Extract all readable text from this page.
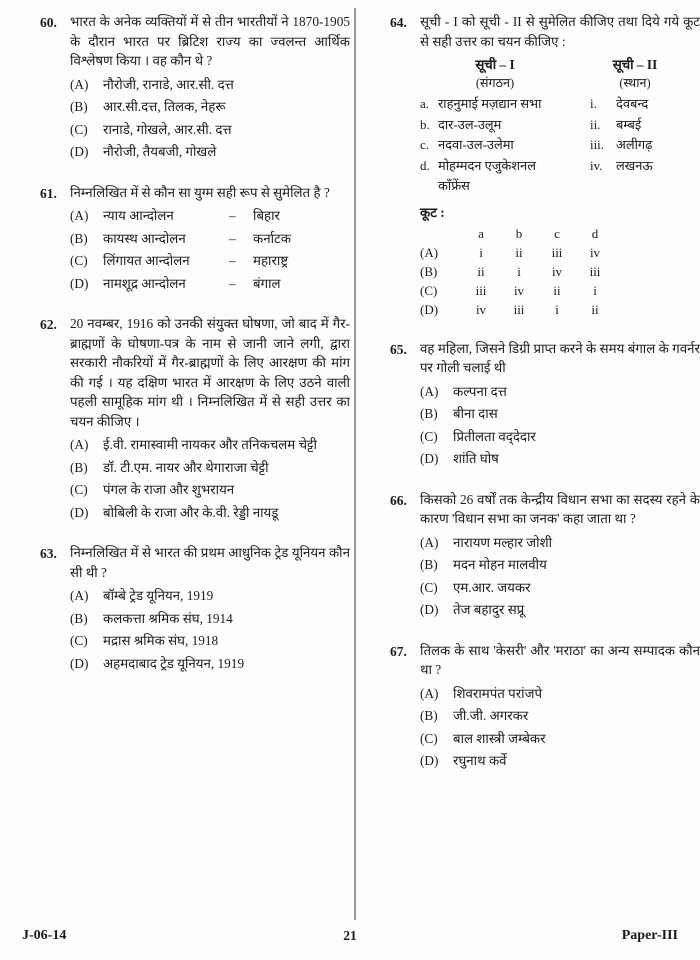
60. भारत के अनेक व्यक्तियों में से तीन भारतीयों ने 1870-1905 के दौरान भारत पर ब्रिटिश राज्य का ज्वलन्त आर्थिक विश्लेषण किया । वह कौन थे ?

(A)	नौरोजी, रानाडे, आर.सी. दत्त
(B)	आर.सी.दत्त, तिलक, नेहरू
(C)	रानाडे, गोखले, आर.सी. दत्त
(D)	नौरोजी, तैयबजी, गोखले
61. निम्नलिखित में से कौन सा युग्म सही रूप से सुमेलित है ?

(A)	न्याय आन्दोलन	–	बिहार
(B)	कायस्थ आन्दोलन	–	कर्नाटक
(C)	लिंगायत आन्दोलन	–	महाराष्ट्र
(D)	नामशूद्र आन्दोलन	–	बंगाल
62. 20 नवम्बर, 1916 को उनकी संयुक्त घोषणा, जो बाद में गैर-ब्राह्मणों के घोषणा-पत्र के नाम से जानी जाने लगी, द्वारा सरकारी नौकरियों में गैर-ब्राह्मणों के लिए आरक्षण की मांग की गई । यह दक्षिण भारत में आरक्षण के लिए उठने वाली पहली सामूहिक मांग थी । निम्नलिखित में से सही उत्तर का चयन कीजिए ।

(A)	ई.वी. रामास्वामी नायकर और तनिकचलम चेट्टी
(B)	डॉ. टी.एम. नायर और थेगाराजा चेट्टी
(C)	पंगल के राजा और शुभरायन
(D)	बोबिली के राजा और के.वी. रेड्डी नायडू
63. निम्नलिखित में से भारत की प्रथम आधुनिक ट्रेड यूनियन कौन सी थी ?

(A)	बॉम्बे ट्रेड यूनियन, 1919
(B)	कलकत्ता श्रमिक संघ, 1914
(C)	मद्रास श्रमिक संघ, 1918
(D)	अहमदाबाद ट्रेड यूनियन, 1919
64. सूची - I को सूची - II से सुमेलित कीजिए तथा दिये गये कूट से सही उत्तर का चयन कीजिए :

सूची – I	सूची – II
(संगठन)	(स्थान)
a. राहनुमाई मज़द्यान सभा	i.	देवबन्द
b. दार-उल-उलूम	ii.	बम्बई
c. नदवा-उल-उलेमा	iii. अलीगढ़
d. मोहम्मदन एजुकेशनल	iv.	लखनऊ
कॉंफ्रेंस
कूट :
a	b	c	d
(A)	i	ii	iii	iv
(B)	ii	i	iv	iii
(C)	iii	iv	ii	i
(D)	iv	iii	i	ii
65. वह महिला, जिसने डिग्री प्राप्त करने के समय बंगाल के गवर्नर पर गोली चलाई थी

(A)	कल्पना दत्त
(B)	बीना दास
(C)	प्रितीलता वद्‌देदार
(D)	शांति घोष
66. किसको 26 वर्षों तक केन्द्रीय विधान सभा का सदस्य रहने के कारण 'विधान सभा का जनक' कहा जाता था ?

(A)	नारायण मल्हार जोशी
(B)	मदन मोहन मालवीय
(C)	एम.आर. जयकर
(D)	तेज बहादुर सप्रू
67. तिलक के साथ 'केसरी' और 'मराठा' का अन्य सम्पादक कौन था ?

(A)	शिवरामपंत परांजपे
(B)	जी.जी. अगरकर
(C)	बाल शास्त्री जम्बेकर
(D)	रघुनाथ कर्वे
J-06-14	21	Paper-III
